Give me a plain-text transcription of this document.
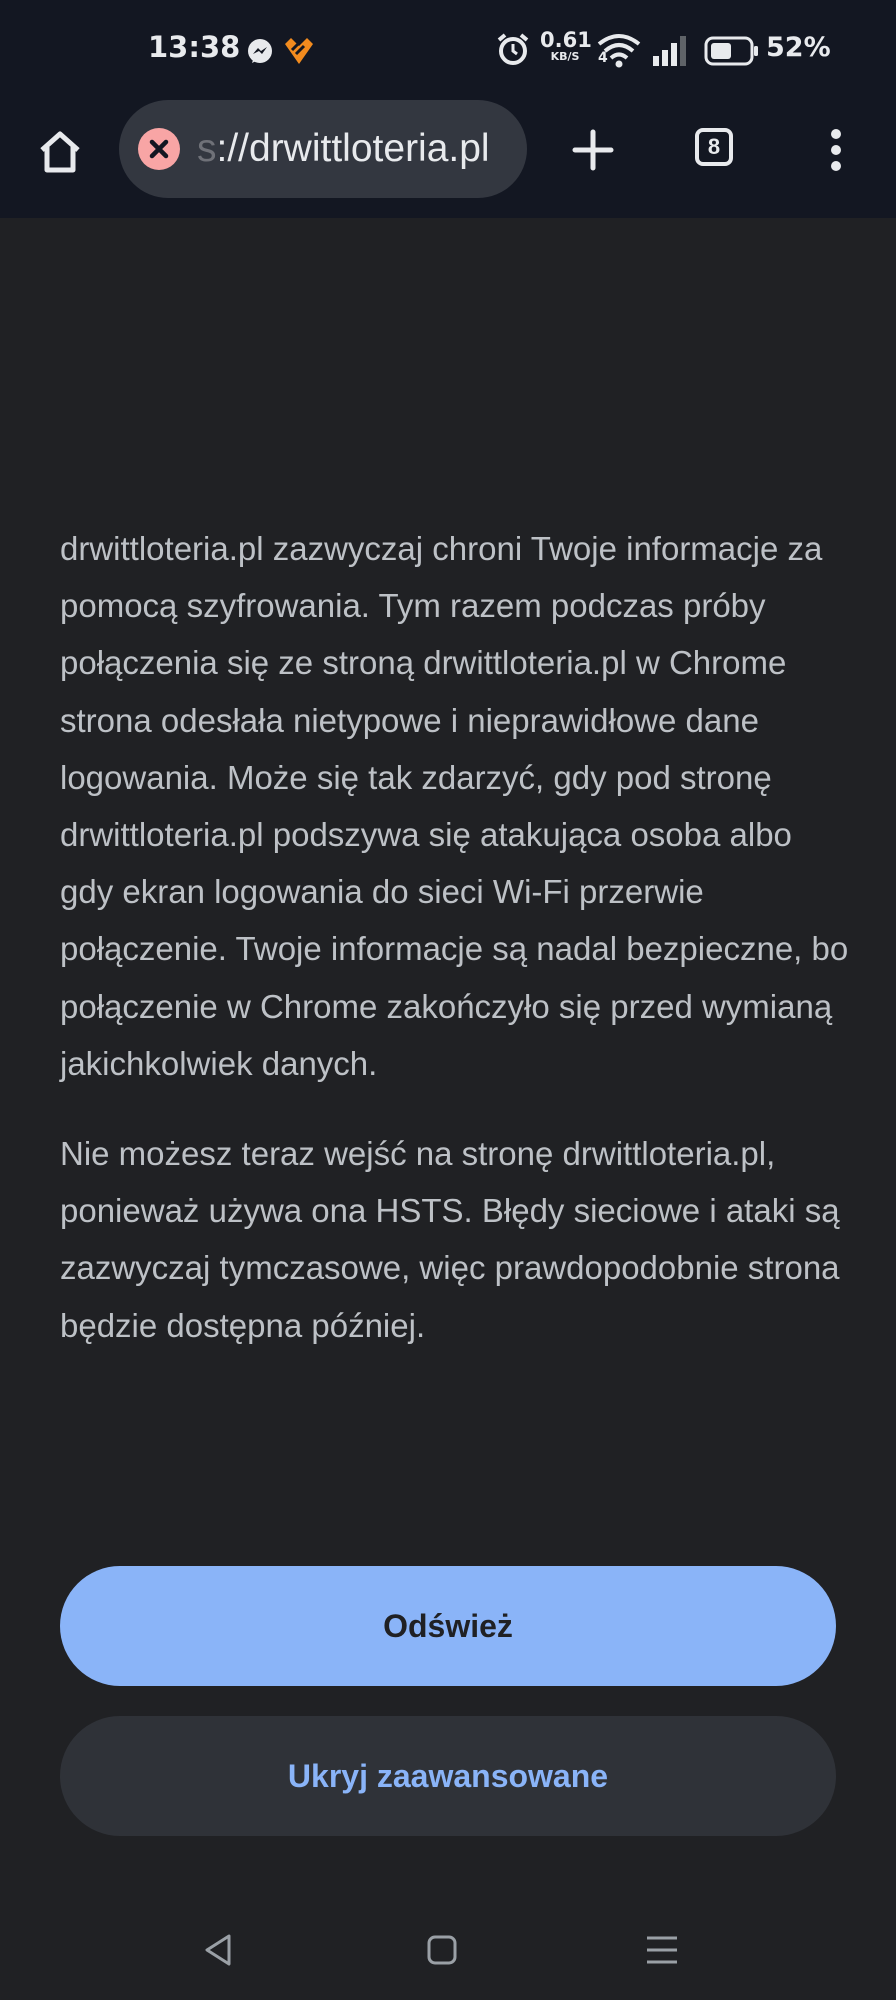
13:38	0.61
KB/S	4	52%
s://drwittloteria.pl	8

drwittloteria.pl zazwyczaj chroni Twoje informacje za pomocą szyfrowania. Tym razem podczas próby połączenia się ze stroną drwittloteria.pl w Chrome strona odesłała nietypowe i nieprawidłowe dane logowania. Może się tak zdarzyć, gdy pod stronę drwittloteria.pl podszywa się atakująca osoba albo gdy ekran logowania do sieci Wi-Fi przerwie połączenie. Twoje informacje są nadal bezpieczne, bo połączenie w Chrome zakończyło się przed wymianą jakichkolwiek danych.

Nie możesz teraz wejść na stronę drwittloteria.pl, ponieważ używa ona HSTS. Błędy sieciowe i ataki są zazwyczaj tymczasowe, więc prawdopodobnie strona będzie dostępna później.

Odśwież
Ukryj zaawansowane
